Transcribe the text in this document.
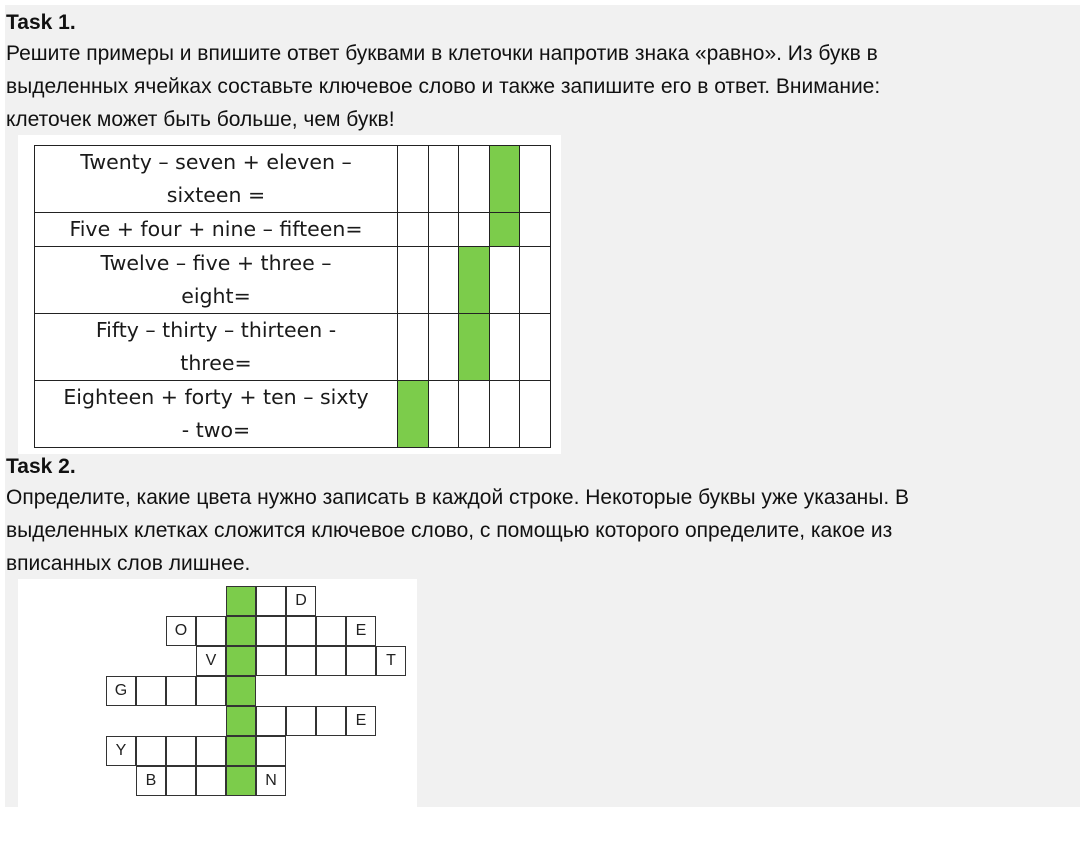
Task 1.
Решите примеры и впишите ответ буквами в клеточки напротив знака «равно». Из букв в
выделенных ячейках составьте ключевое слово и также запишите его в ответ. Внимание:
клеточек может быть больше, чем букв!
Twenty – seven + eleven –
sixteen =					

Five + four + nine – fifteen=					

Twelve – five + three –
eight=					

Fifty – thirty – thirteen -
three=					

Eighteen + forty + ten – sixty
- two=					

Task 2.
Определите, какие цвета нужно записать в каждой строке. Некоторые буквы уже указаны. В
выделенных клетках сложится ключевое слово, с помощью которого определите, какое из
вписанных слов лишнее.
D
O	E
V	T
G
E
Y
B	N
